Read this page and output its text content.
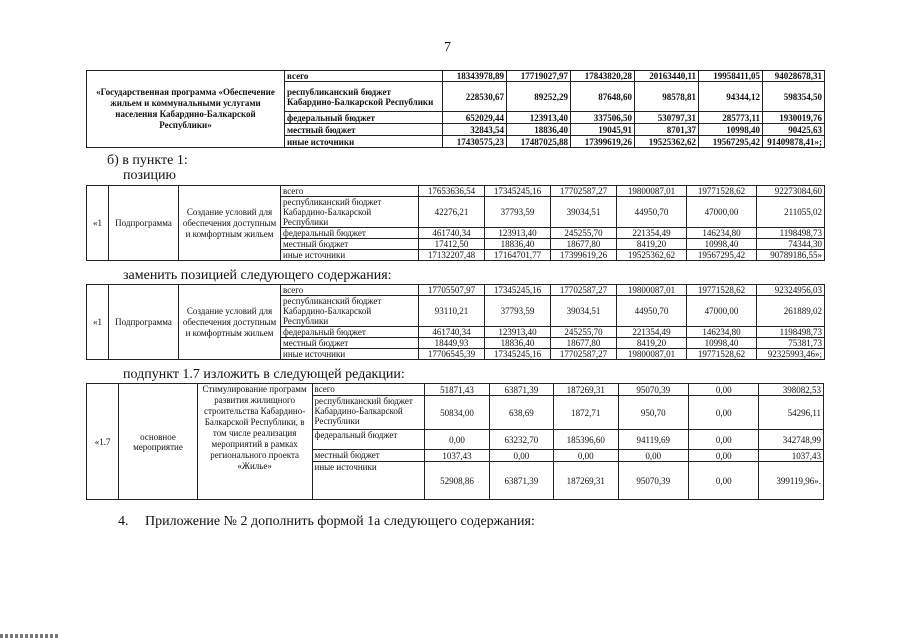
7
«Государственная программа «Обеспечение жильем и коммунальными услугами населения Кабардино-Балкарской Республики»	всего	18343978,89	17719027,97	17843820,28	20163440,11	19958411,05	94028678,31
	республиканский бюджет Кабардино-Балкарской Республики	228530,67	89252,29	87648,60	98578,81	94344,12	598354,50
	федеральный бюджет	652029,44	123913,40	337506,50	530797,31	285773,11	1930019,76
	местный бюджет	32843,54	18836,40	19045,91	8701,37	10998,40	90425,63
	иные источники	17430575,23	17487025,88	17399619,26	19525362,62	19567295,42	91409878,41»;
б) в пункте 1:
позицию
«1	Подпрограмма	Создание условий для обеспечения доступным и комфортным жильем	всего	17653636,54	17345245,16	17702587,27	19800087,01	19771528,62	92273084,60
			республиканский бюджет Кабардино-Балкарской Республики	42276,21	37793,59	39034,51	44950,70	47000,00	211055,02
			федеральный бюджет	461740,34	123913,40	245255,70	221354,49	146234,80	1198498,73
			местный бюджет	17412,50	18836,40	18677,80	8419,20	10998,40	74344,30
			иные источники	17132207,48	17164701,77	17399619,26	19525362,62	19567295,42	90789186,55»
заменить позицией следующего содержания:
«1	Подпрограмма	Создание условий для обеспечения доступным и комфортным жильем	всего	17705507,97	17345245,16	17702587,27	19800087,01	19771528,62	92324956,03
			республиканский бюджет Кабардино-Балкарской Республики	93110,21	37793,59	39034,51	44950,70	47000,00	261889,02
			федеральный бюджет	461740,34	123913,40	245255,70	221354,49	146234,80	1198498,73
			местный бюджет	18449,93	18836,40	18677,80	8419,20	10998,40	75381,73
			иные источники	17706545,39	17345245,16	17702587,27	19800087,01	19771528,62	92325993,46»;
подпункт 1.7 изложить в следующей редакции:
«1.7	основное мероприятие	Стимулирование программ развития жилищного строительства Кабардино-Балкарской Республики, в том числе реализация мероприятий в рамках регионального проекта «Жилье»	всего	51871,43	63871,39	187269,31	95070,39	0,00	398082,53
			республиканский бюджет Кабардино-Балкарской Республики	50834,00	638,69	1872,71	950,70	0,00	54296,11
			федеральный бюджет	0,00	63232,70	185396,60	94119,69	0,00	342748,99
			местный бюджет	1037,43	0,00	0,00	0,00	0,00	1037,43
			иные источники	52908,86	63871,39	187269,31	95070,39	0,00	399119,96».
4. Приложение № 2 дополнить формой 1а следующего содержания:
